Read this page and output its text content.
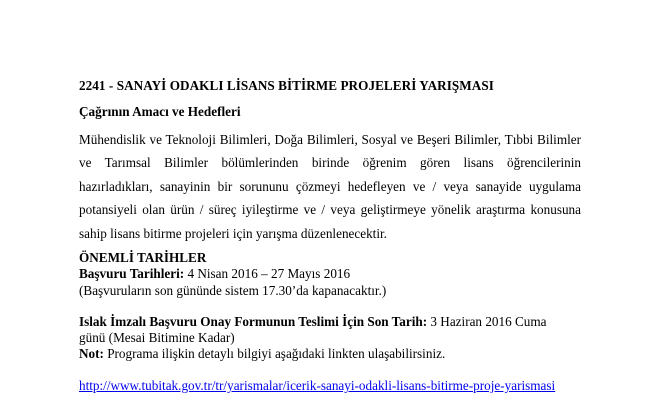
2241 - SANAYİ ODAKLI LİSANS BİTİRME PROJELERİ YARIŞMASI
Çağrının Amacı ve Hedefleri
Mühendislik ve Teknoloji Bilimleri, Doğa Bilimleri, Sosyal ve Beşeri Bilimler, Tıbbi Bilimler
ve Tarımsal Bilimler bölümlerinden birinde öğrenim gören lisans öğrencilerinin
hazırladıkları, sanayinin bir sorununu çözmeyi hedefleyen ve / veya sanayide uygulama
potansiyeli olan ürün / süreç iyileştirme ve / veya geliştirmeye yönelik araştırma konusuna
sahip lisans bitirme projeleri için yarışma düzenlenecektir.
ÖNEMLİ TARİHLER
Başvuru Tarihleri: 4 Nisan 2016 – 27 Mayıs 2016
(Başvuruların son gününde sistem 17.30’da kapanacaktır.)
Islak İmzalı Başvuru Onay Formunun Teslimi İçin Son Tarih: 3 Haziran 2016 Cuma
günü (Mesai Bitimine Kadar)
Not: Programa ilişkin detaylı bilgiyi aşağıdaki linkten ulaşabilirsiniz.
http://www.tubitak.gov.tr/tr/yarismalar/icerik-sanayi-odakli-lisans-bitirme-proje-yarismasi
